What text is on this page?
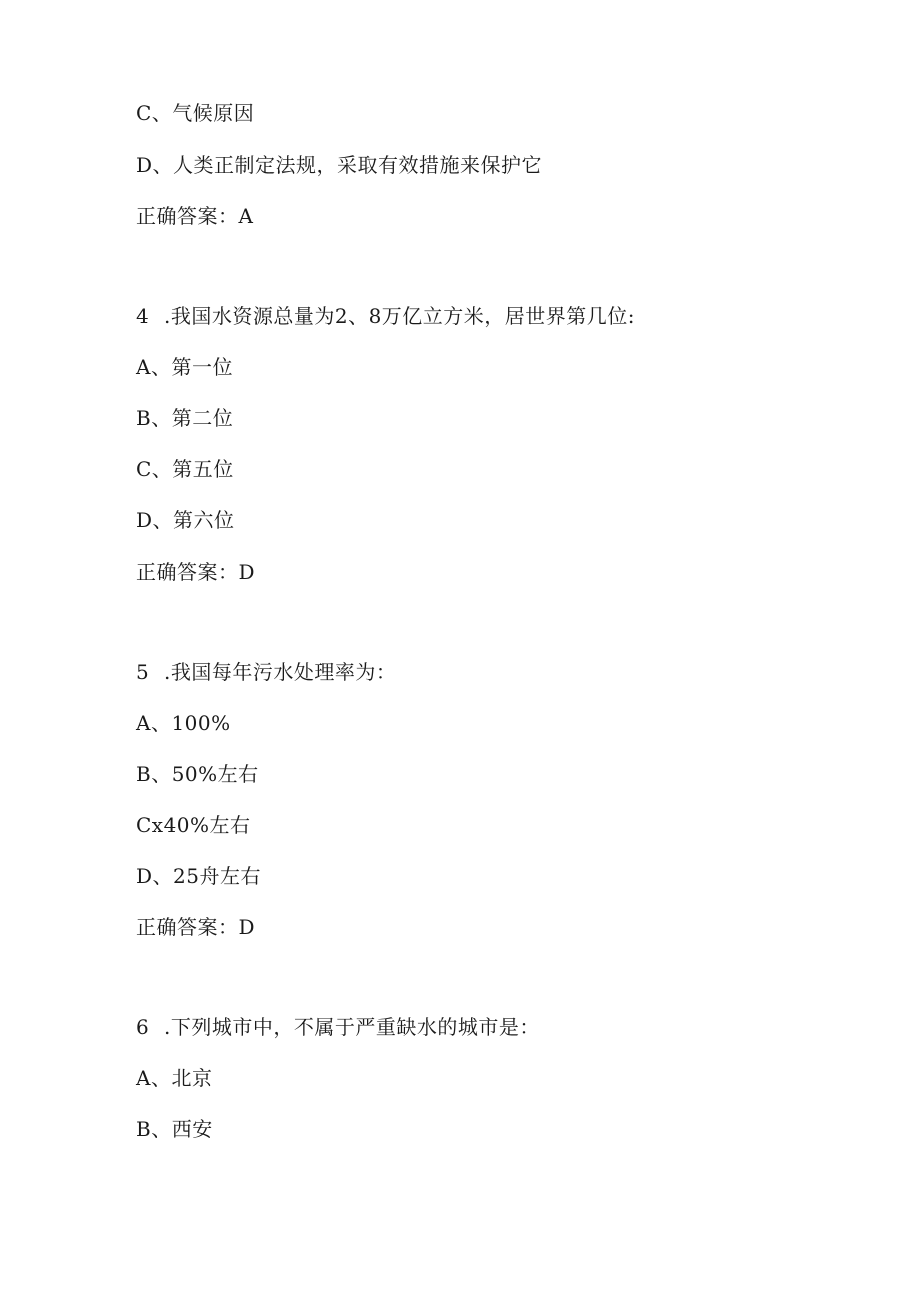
C、气候原因
D、人类正制定法规，采取有效措施来保护它
正确答案：A
4 .我国水资源总量为2、8万亿立方米，居世界第几位:
A、第一位
B、第二位
C、第五位
D、第六位
正确答案：D
5 .我国每年污水处理率为：
A、100%
B、50%左右
Cx40%左右
D、25舟左右
正确答案：D
6 .下列城市中，不属于严重缺水的城市是：
A、北京
B、西安
